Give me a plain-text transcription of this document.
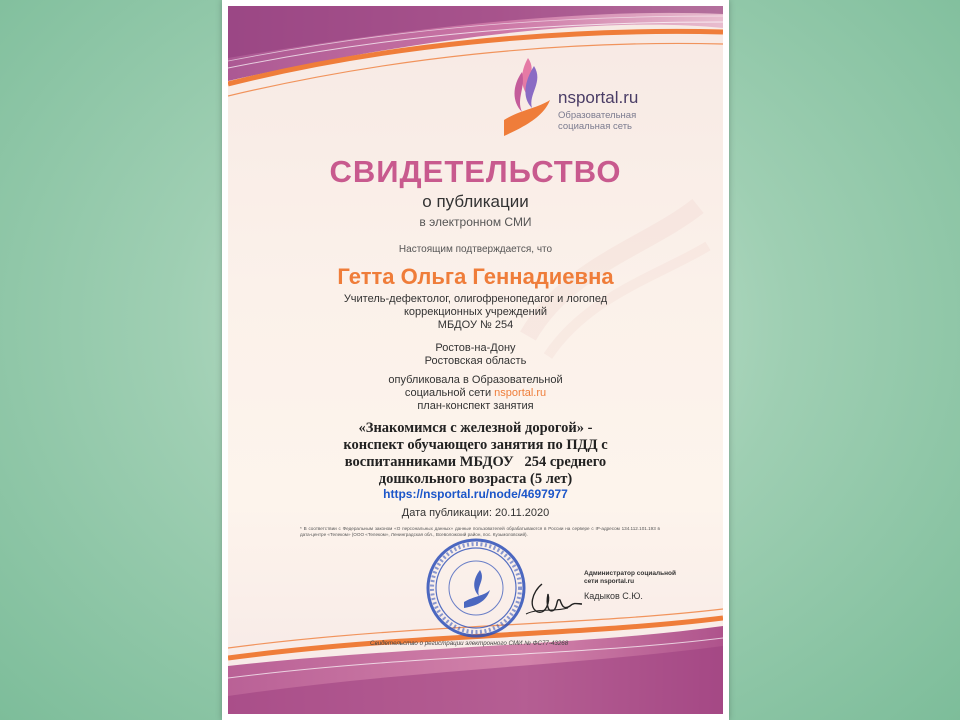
nsportal.ru
Образовательная
социальная сеть
СВИДЕТЕЛЬСТВО
о публикации
в электронном СМИ
Настоящим подтверждается, что
Гетта Ольга Геннадиевна
Учитель-дефектолог, олигофренопедагог и логопед
коррекционных учреждений
МБДОУ № 254
Ростов-на-Дону
Ростовская область
опубликовала в Образовательной
социальной сети nsportal.ru
план-конспект занятия
«Знакомимся с железной дорогой» -
конспект обучающего занятия по ПДД с
воспитанниками МБДОУ   254 среднего
дошкольного возраста (5 лет)
https://nsportal.ru/node/4697977
Дата публикации: 20.11.2020
* В соответствии с Федеральным законом «О персональных данных» данные пользователей обрабатываются в России на сервере с IP-адресом 134.112.101.193 в дата-центре «Телеком» (ООО «Телеком», Ленинградская обл., Всеволожский район, пос. Кузьмоловский).
Администратор социальной
сети nsportal.ru
Кадыков С.Ю.
Свидетельство о регистрации электронного СМИ № ФС77-43268
